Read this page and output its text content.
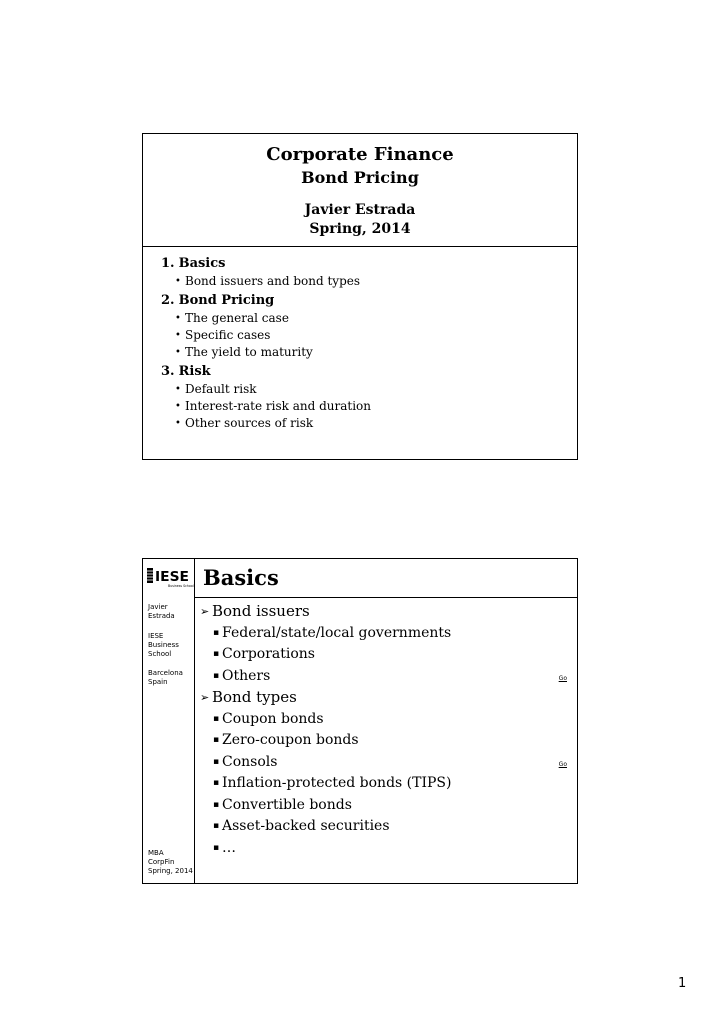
Corporate Finance
Bond Pricing
Javier Estrada
Spring, 2014
1. Basics
• Bond issuers and bond types
2. Bond Pricing
• The general case
• Specific cases
• The yield to maturity
3. Risk
• Default risk
• Interest-rate risk and duration
• Other sources of risk
IESE
Business School
Javier
Estrada
IESE
Business
School
Barcelona
Spain
MBA
CorpFin
Spring, 2014
Basics
➢ Bond issuers
▪ Federal/state/local governments
▪ Corporations
▪ Others
➢ Bond types
▪ Coupon bonds
▪ Zero-coupon bonds
▪ Consols
▪ Inflation-protected bonds (TIPS)
▪ Convertible bonds
▪ Asset-backed securities
▪ …
Go
Go
1
